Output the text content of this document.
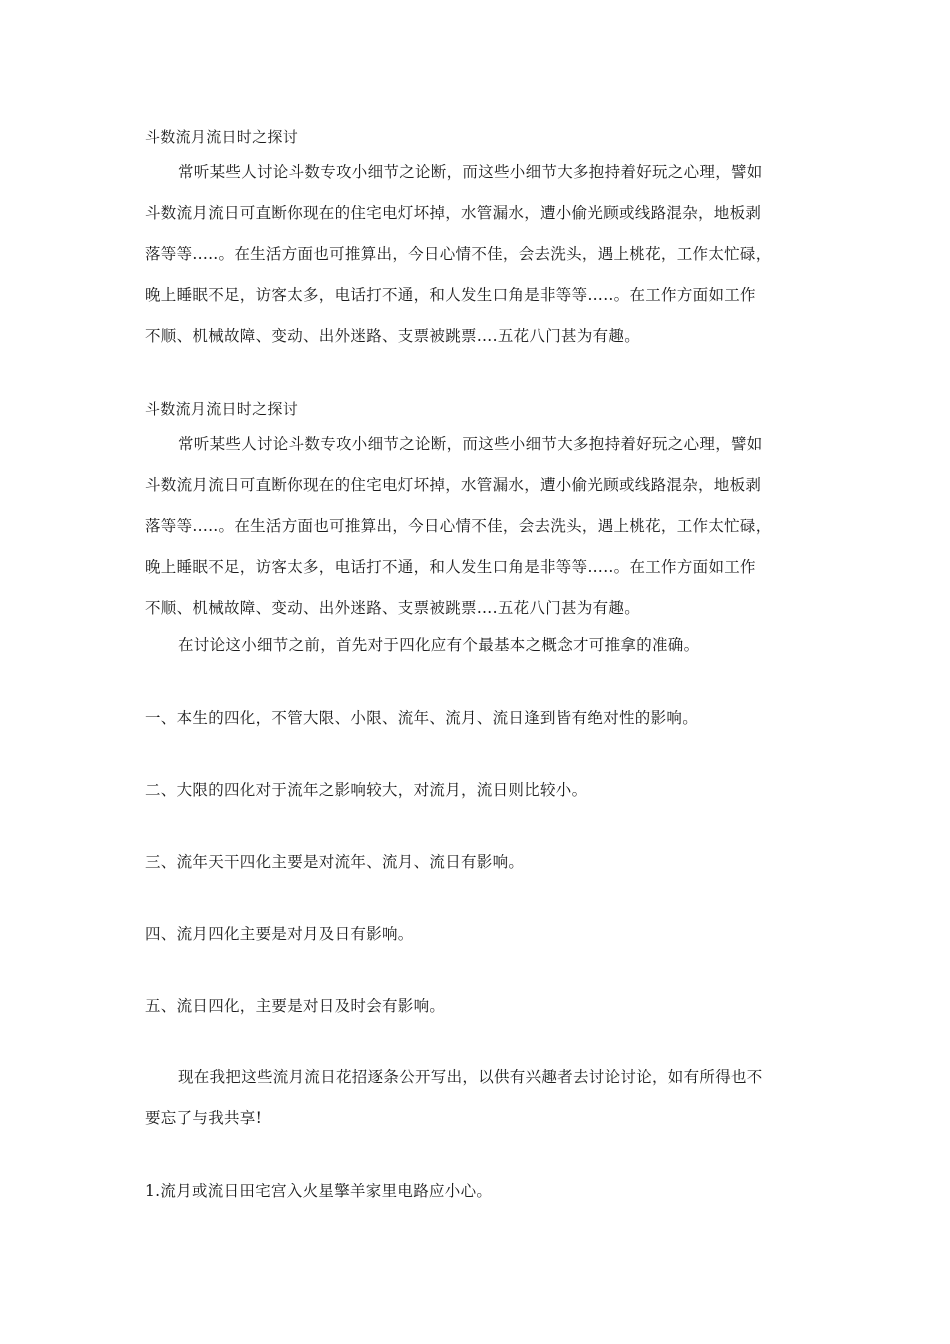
斗数流月流日时之探讨
常听某些人讨论斗数专攻小细节之论断，而这些小细节大多抱持着好玩之心理，譬如
斗数流月流日可直断你现在的住宅电灯坏掉，水管漏水，遭小偷光顾或线路混杂，地板剥
落等等.....。在生活方面也可推算出，今日心情不佳，会去洗头，遇上桃花，工作太忙碌，
晚上睡眠不足，访客太多，电话打不通，和人发生口角是非等等…..。在工作方面如工作
不顺、机械故障、变动、出外迷路、支票被跳票….五花八门甚为有趣。
斗数流月流日时之探讨
常听某些人讨论斗数专攻小细节之论断，而这些小细节大多抱持着好玩之心理，譬如
斗数流月流日可直断你现在的住宅电灯坏掉，水管漏水，遭小偷光顾或线路混杂，地板剥
落等等.....。在生活方面也可推算出，今日心情不佳，会去洗头，遇上桃花，工作太忙碌，
晚上睡眠不足，访客太多，电话打不通，和人发生口角是非等等…..。在工作方面如工作
不顺、机械故障、变动、出外迷路、支票被跳票….五花八门甚为有趣。
在讨论这小细节之前，首先对于四化应有个最基本之概念才可推拿的准确。
一、本生的四化，不管大限、小限、流年、流月、流日逢到皆有绝对性的影响。
二、大限的四化对于流年之影响较大，对流月，流日则比较小。
三、流年天干四化主要是对流年、流月、流日有影响。
四、流月四化主要是对月及日有影响。
五、流日四化，主要是对日及时会有影响。
现在我把这些流月流日花招逐条公开写出，以供有兴趣者去讨论讨论，如有所得也不
要忘了与我共享!
1.流月或流日田宅宫入火星擎羊家里电路应小心。
